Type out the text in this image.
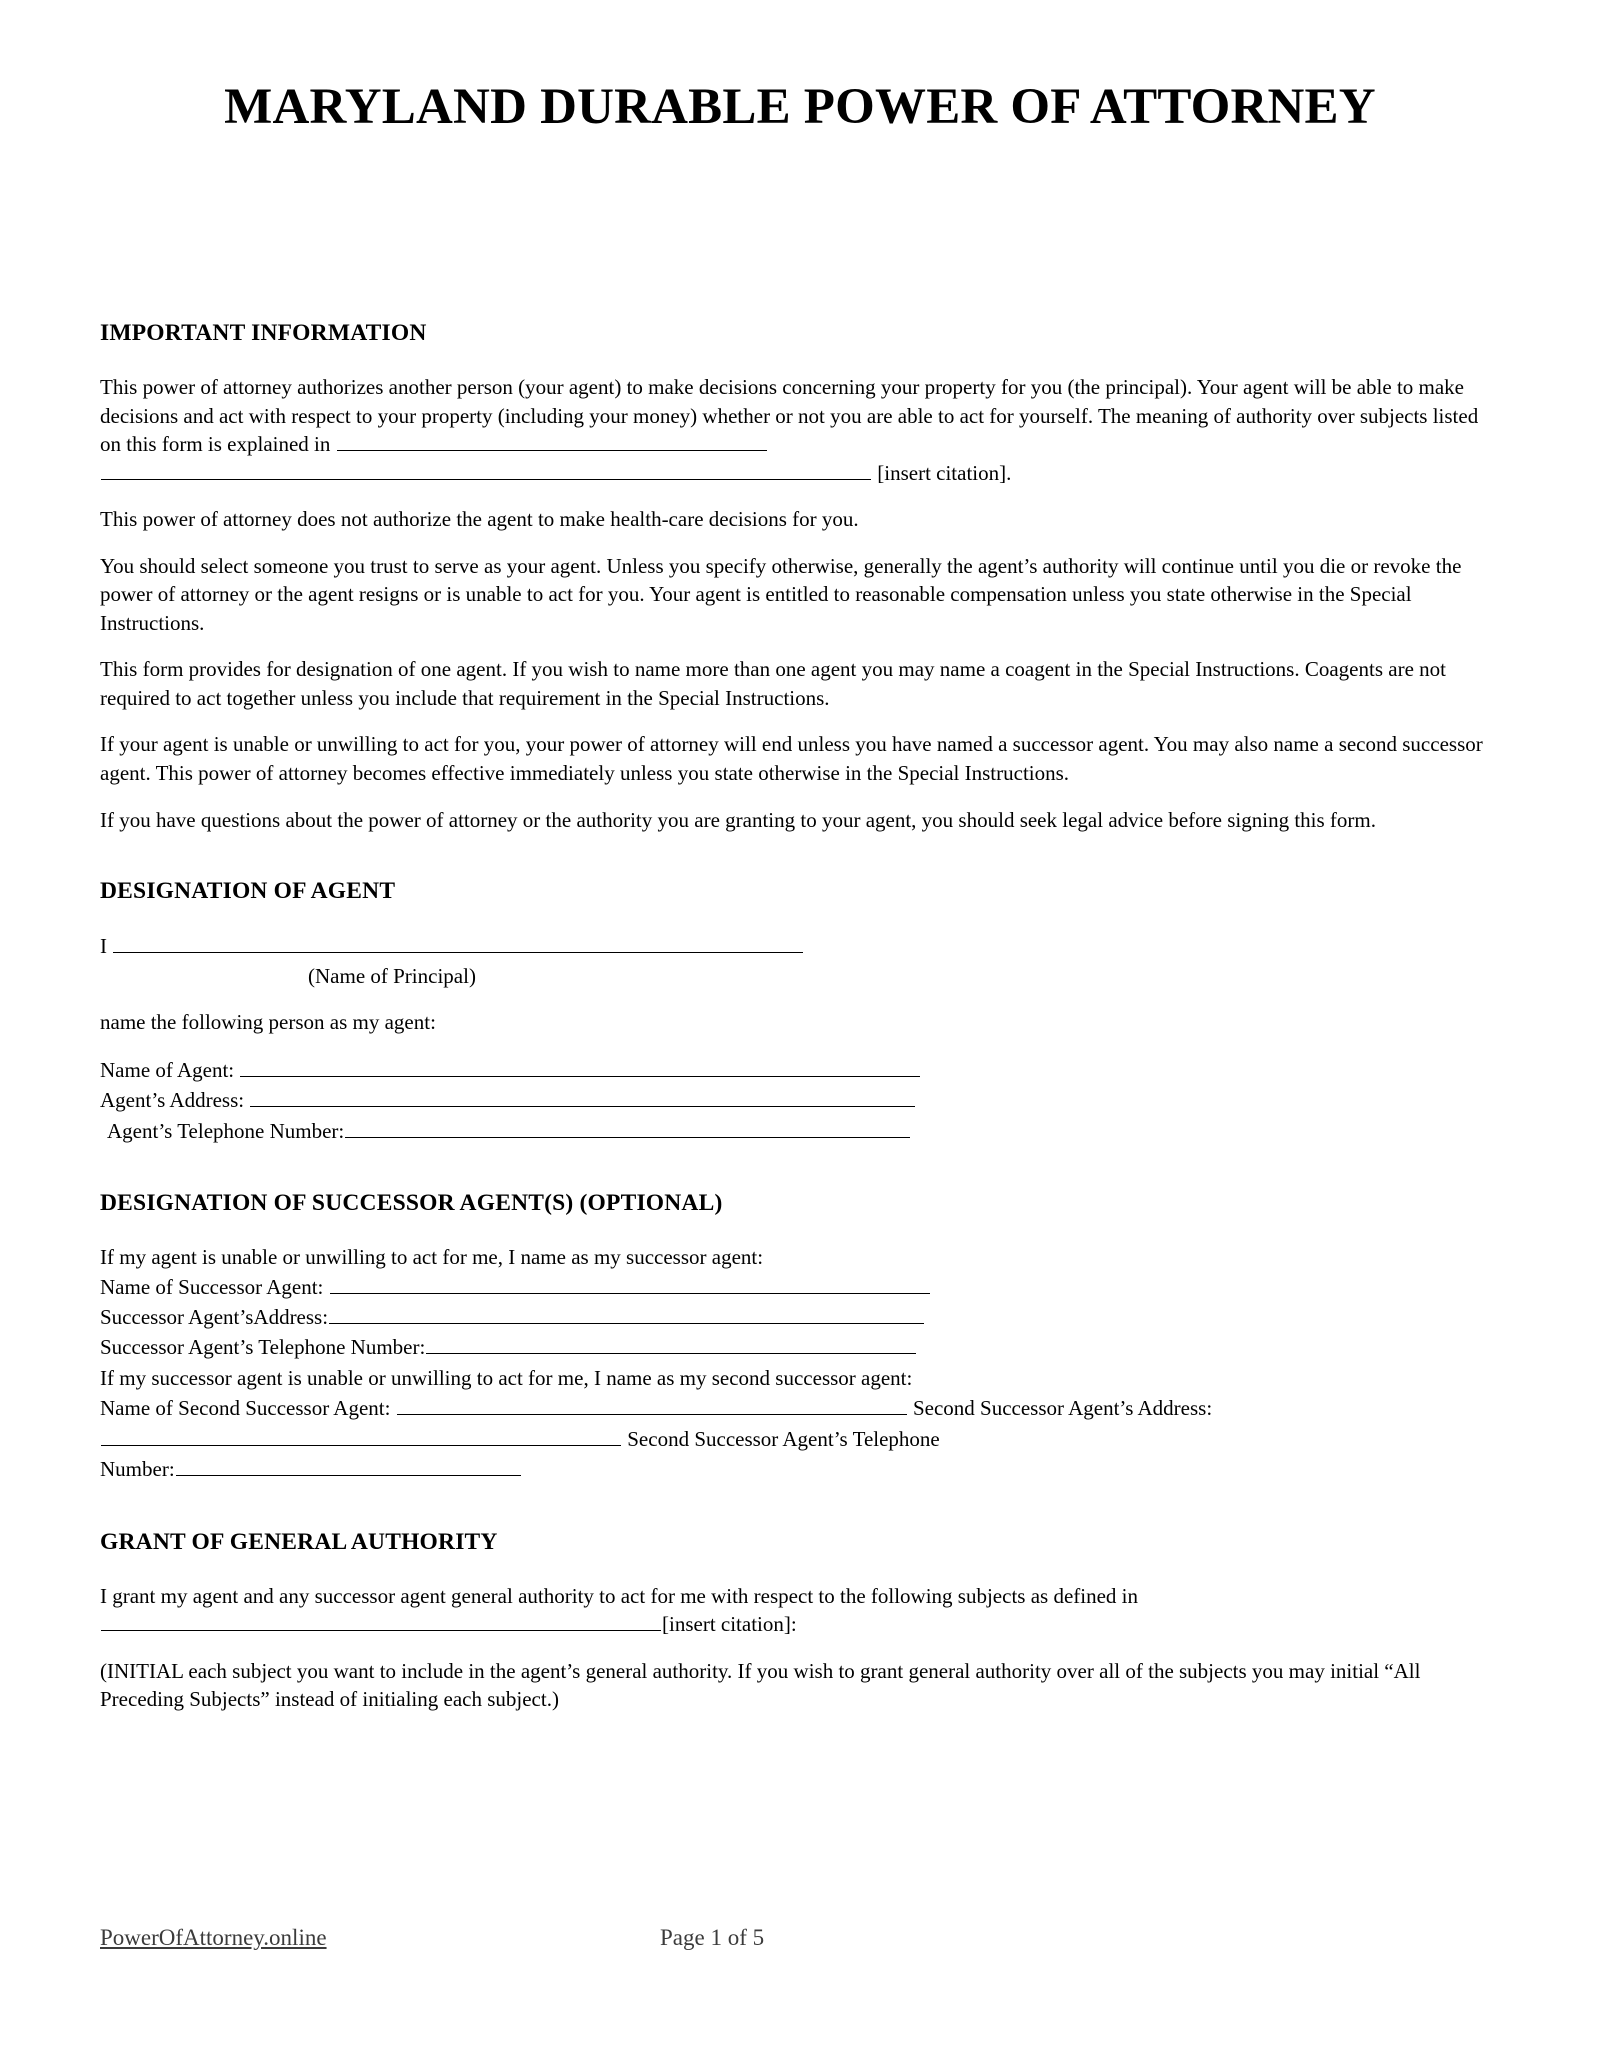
MARYLAND DURABLE POWER OF ATTORNEY
IMPORTANT INFORMATION

This power of attorney authorizes another person (your agent) to make decisions concerning your property for you (the principal). Your agent will be able to make decisions and act with respect to your property (including your money) whether or not you are able to act for yourself. The meaning of authority over subjects listed on this form is explained in
[insert citation].

This power of attorney does not authorize the agent to make health-care decisions for you.

You should select someone you trust to serve as your agent. Unless you specify otherwise, generally the agent’s authority will continue until you die or revoke the power of attorney or the agent resigns or is unable to act for you. Your agent is entitled to reasonable compensation unless you state otherwise in the Special Instructions.

This form provides for designation of one agent. If you wish to name more than one agent you may name a coagent in the Special Instructions. Coagents are not required to act together unless you include that requirement in the Special Instructions.

If your agent is unable or unwilling to act for you, your power of attorney will end unless you have named a successor agent. You may also name a second successor agent. This power of attorney becomes effective immediately unless you state otherwise in the Special Instructions.

If you have questions about the power of attorney or the authority you are granting to your agent, you should seek legal advice before signing this form.

DESIGNATION OF AGENT

I

(Name of Principal)

name the following person as my agent:

Name of Agent:

Agent’s Address:

Agent’s Telephone Number:

DESIGNATION OF SUCCESSOR AGENT(S) (OPTIONAL)

If my agent is unable or unwilling to act for me, I name as my successor agent:

Name of Successor Agent:

Successor Agent’sAddress:

Successor Agent’s Telephone Number:

If my successor agent is unable or unwilling to act for me, I name as my second successor agent:

Name of Second Successor Agent:	Second Successor Agent’s Address:

Second Successor Agent’s Telephone

Number:

GRANT OF GENERAL AUTHORITY

I grant my agent and any successor agent general authority to act for me with respect to the following subjects as defined in
[insert citation]:

(INITIAL each subject you want to include in the agent’s general authority. If you wish to grant general authority over all of the subjects you may initial “All Preceding Subjects” instead of initialing each subject.)

PowerOfAttorney.online	Page 1 of 5
